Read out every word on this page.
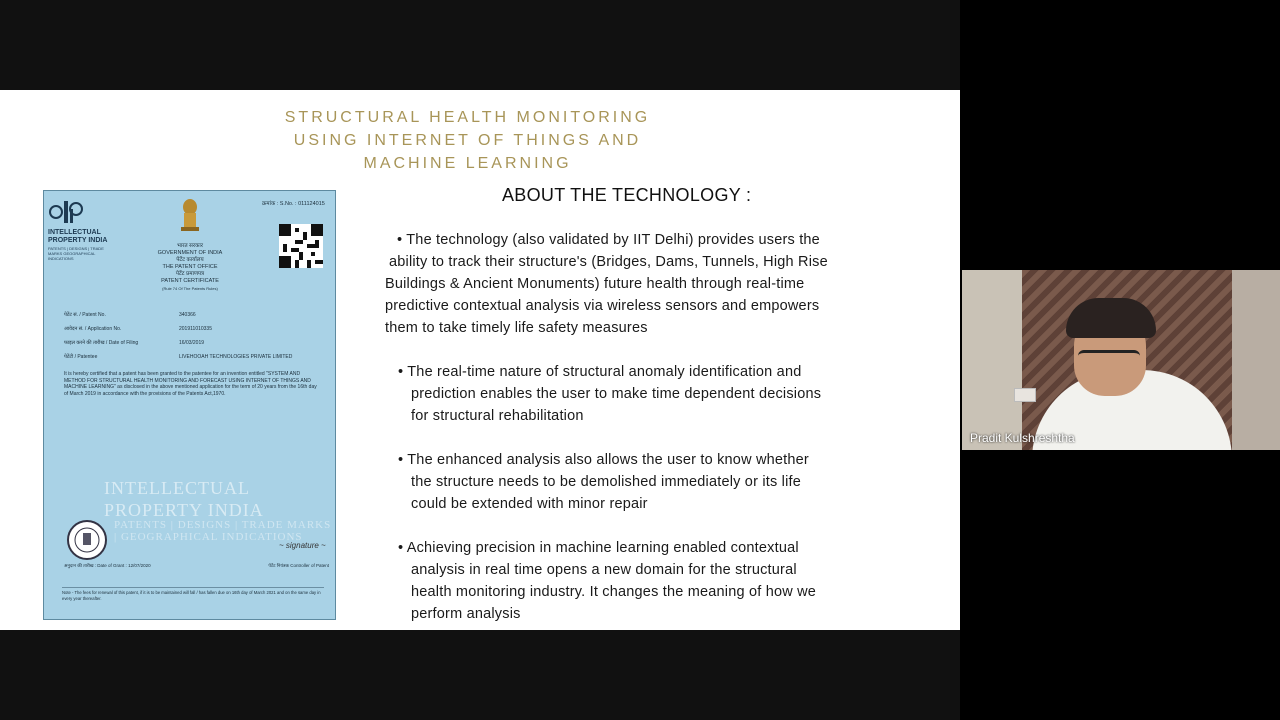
STRUCTURAL HEALTH MONITORING
USING INTERNET OF THINGS AND
MACHINE LEARNING
ABOUT THE TECHNOLOGY :
• The technology (also validated by IIT Delhi) provides users the
ability to track their structure's (Bridges, Dams, Tunnels, High Rise
Buildings & Ancient Monuments) future health through real-time
predictive contextual analysis via wireless sensors and empowers
them to take timely life safety measures
• The real-time nature of structural anomaly identification and
prediction enables the user to make time dependent decisions
for structural rehabilitation
• The enhanced analysis also allows the user to know whether
the structure needs to be demolished immediately or its life
could be extended with minor repair
• Achieving precision in machine learning enabled contextual
analysis in real time opens a new domain for the structural
health monitoring industry. It changes the meaning of how we
perform analysis
INTELLECTUAL
PROPERTY INDIA
PATENTS | DESIGNS | TRADE MARKS GEOGRAPHICAL INDICATIONS
क्रमांक : S.No. : 011124015
भारत सरकार
GOVERNMENT OF INDIA
पेटेंट कार्यालय
THE PATENT OFFICE
पेटेंट प्रमाणपत्र
PATENT CERTIFICATE
(Rule 74 Of The Patents Rules)
पेटेंट सं. / Patent No.
आवेदन सं. / Application No.
फाइल करने की तारीख / Date of Filing
पेटेंटी / Patentee
340366
201911010335
16/03/2019
LIVEHOOAH TECHNOLOGIES PRIVATE LIMITED
It is hereby certified that a patent has been granted to the patentee for an invention entitled "SYSTEM AND METHOD FOR STRUCTURAL HEALTH MONITORING AND FORECAST USING INTERNET OF THINGS AND MACHINE LEARNING" as disclosed in the above mentioned application for the term of 20 years from the 16th day of March 2019 in accordance with the provisions of the Patents Act,1970.
INTELLECTUAL
PROPERTY INDIA
PATENTS | DESIGNS | TRADE MARKS | GEOGRAPHICAL INDICATIONS
~ signature ~
अनुदान की तारीख : Date of Grant : 12/07/2020	पेटेंट नियंत्रक Controller of Patent
Note - The fees for renewal of this patent, if it is to be maintained will fall / has fallen due on 16th day of March 2021 and on the same day in every year thereafter.
Pradit Kulshreshtha
